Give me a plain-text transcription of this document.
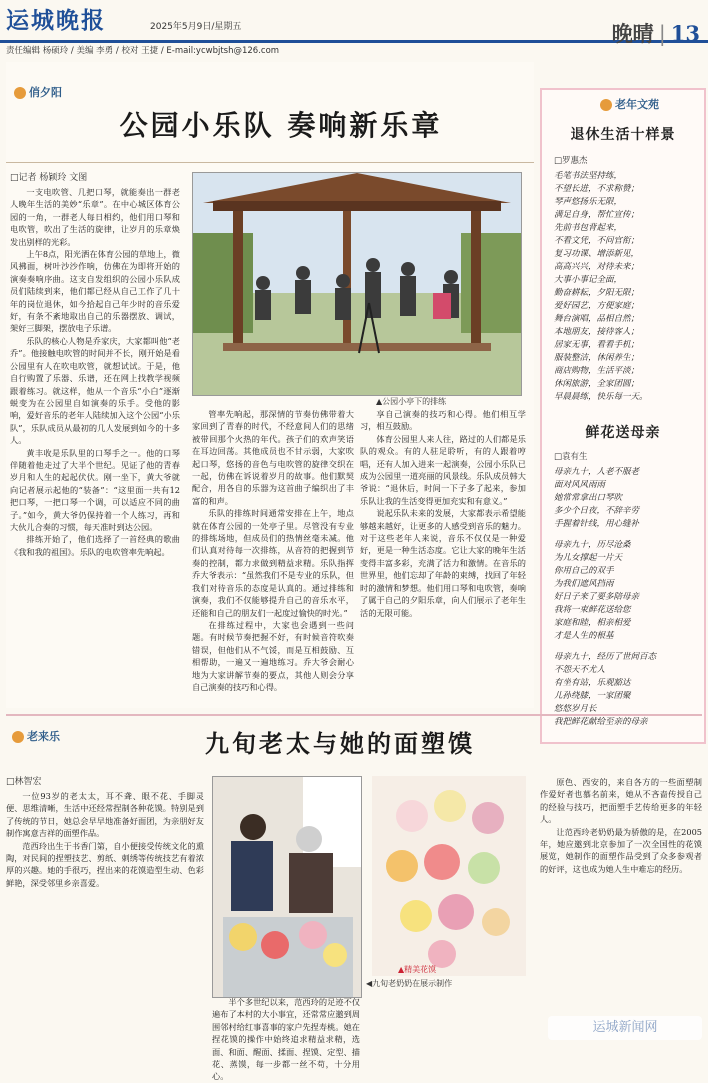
运城晚报	2025年5月9日/星期五	晚晴 | 13
责任编辑 杨硕玲 / 美编 李勇 / 校对 王捷 / E-mail:ycwbjtsh@126.com
俏夕阳
公园小乐队 奏响新乐章
□记者 杨颖玲 文图

一支电吹管、几把口琴，就能奏出一群老人晚年生活的美妙“乐章”。在中心城区体育公园的一角，一群老人每日相约，他们用口琴和电吹管，吹出了生活的旋律，让岁月的乐章焕发出别样的光彩。

上午8点，阳光洒在体育公园的草地上，微风拂面，树叶沙沙作响，仿佛在为即将开始的演奏奏响序曲。这支自发组织的公园小乐队成员们陆续到来，他们都已经从自己工作了几十年的岗位退休，如今拾起自己年少时的音乐爱好，有条不紊地取出自己的乐器摆放、调试，架好三脚架，摆放电子乐谱。

乐队的核心人物是乔家庆，大家都叫他“老乔”。他接触电吹管的时间并不长，刚开始是看公园里有人在吹电吹管，就想试试。于是，他自行购置了乐器、乐谱，还在网上找教学视频跟着练习。就这样，他从一个音乐“小白”逐渐蜕变为在公园里自如演奏的乐手。受他的影响，爱好音乐的老年人陆续加入这个公园“小乐队”，乐队成员从最初的几人发展到如今的十多人。

黄丰收是乐队里的口琴手之一。他的口琴伴随着他走过了大半个世纪。见证了他的青春岁月和人生的起起伏伏。刚一坐下，黄大爷就向记者展示起他的“装备”：“这里面一共有12把口琴，一把口琴一个调，可以适应不同的曲子。”如今，黄大爷仍保持着一个人练习，再和大伙儿合奏的习惯，每天准时到达公园。

排练开始了，他们选择了一首经典的歌曲《我和我的祖国》。乐队的电吹管率先响起。

▲公园小亭下的排练

管率先响起，那深情的节奏仿佛带着大家回到了青春的时代，不经意间人们的思绪被带回那个火热的年代。孩子们的欢声笑语在耳边回荡。其他成员也不甘示弱，大家吹起口琴，悠扬的音色与电吹管的旋律交织在一起，仿佛在诉说着岁月的故事。他们默契配合，用各自的乐器为这首曲子编织出了丰富的和声。

乐队的排练时间通常安排在上午，地点就在体育公园的一处亭子里。尽管没有专业的排练场地，但成员们的热情丝毫未减。他们认真对待每一次排练，从音符的把握到节奏的控制，都力求做到精益求精。乐队指挥乔大爷表示：“虽然我们不是专业的乐队，但我们对待音乐的态度是认真的。通过排练和演奏，我们不仅能够提升自己的音乐水平，还能和自己的朋友们一起度过愉快的时光。”

在排练过程中，大家也会遇到一些问题。有时候节奏把握不好，有时候音符吹奏错误，但他们从不气馁，而是互相鼓励、互相帮助，一遍又一遍地练习。乔大爷会耐心地为大家讲解节奏的要点，其他人则会分享自己演奏的技巧和心得。

享自己演奏的技巧和心得。他们相互学习，相互鼓励。

体育公园里人来人往，路过的人们都是乐队的观众。有的人驻足聆听，有的人跟着哼唱，还有人加入进来一起演奏，公园小乐队已成为公园里一道亮丽的风景线。乐队成员韩大爷说：“退休后，时间一下子多了起来，参加乐队让我的生活变得更加充实和有意义。”

说起乐队未来的发展，大家都表示希望能够越来越好，让更多的人感受到音乐的魅力。对于这些老年人来说，音乐不仅仅是一种爱好，更是一种生活态度。它让大家的晚年生活变得丰富多彩，充满了活力和激情。在音乐的世界里，他们忘却了年龄的束缚，找回了年轻时的激情和梦想。他们用口琴和电吹管，奏响了属于自己的夕阳乐章，向人们展示了老年生活的无限可能。

老年文苑
退休生活十样景
□罗惠杰
毛笔书法坚持练，
不望长进，不求称赞；
琴声悠扬乐无限，
满足自身，帮忙宣传；
先前书包背起来，
不看文凭，不问官衔；
复习功课、增添新见，
高高兴兴，对待未来；
大事小事记全面，
勤奋耕耘，夕阳无限；
爱好园艺，方便家庭；
舞台演唱，品相自然；
本地朋友，接待客人；
居家无事，看看手机；
服装整洁，休闲养生；
商店购物，生活平淡；
休闲旅游，全家团圆；
早晨晨练，快乐每一天。
鲜花送母亲
□袁有生
母亲九十，人老不服老
面对风风雨雨
她常常拿出口琴吹
多少个日夜，不辞辛劳
手握着针线，用心缝补
母亲九十，历尽沧桑
为儿女撑起一片天
你用自己的双手
为我们遮风挡雨
好日子来了要多陪母亲
我将一束鲜花送给您
家庭和睦，相亲相爱
才是人生的根基
母亲九十，经历了世间百态
不怨天不尤人
有坐有站，乐观豁达
儿孙绕膝，一家团聚
悠悠岁月长
我把鲜花献给至亲的母亲
老来乐	九旬老太与她的面塑馍
□林智宏

一位93岁的老太太，耳不聋、眼不花、手脚灵便、思维清晰，生活中还经常捏制各种花馍。特别是到了传统的节日，她总会早早地准备好面团，为亲朋好友制作寓意吉祥的面塑作品。

范西玲出生于书香门第，自小便接受传统文化的熏陶，对民间的捏塑技艺、剪纸、刺绣等传统技艺有着浓厚的兴趣。她的手很巧，捏出来的花馍造型生动、色彩鲜艳，深受邻里乡亲喜爱。

▲精美花馍
◀九旬老奶奶在展示制作

半个多世纪以来，范西玲的足迹不仅遍布了本村的大小事宜，还常常应邀到周围邻村给红事喜事的家户先捏寿桃。她在捏花馍的操作中始终追求精益求精，选面、和面、醒面、揉面、捏馍、定型、描花、蒸馍，每一步都一丝不苟，十分用心。

原色、西安的，来自各方的一些面塑制作爱好者也慕名前来，她从不吝啬传授自己的经验与技巧，把面塑手艺传给更多的年轻人。

让范西玲老奶奶最为骄傲的是，在2005年，她应邀到北京参加了一次全国性的花馍展览，她制作的面塑作品受到了众多参观者的好评，这也成为她人生中难忘的经历。

运城新闻网
